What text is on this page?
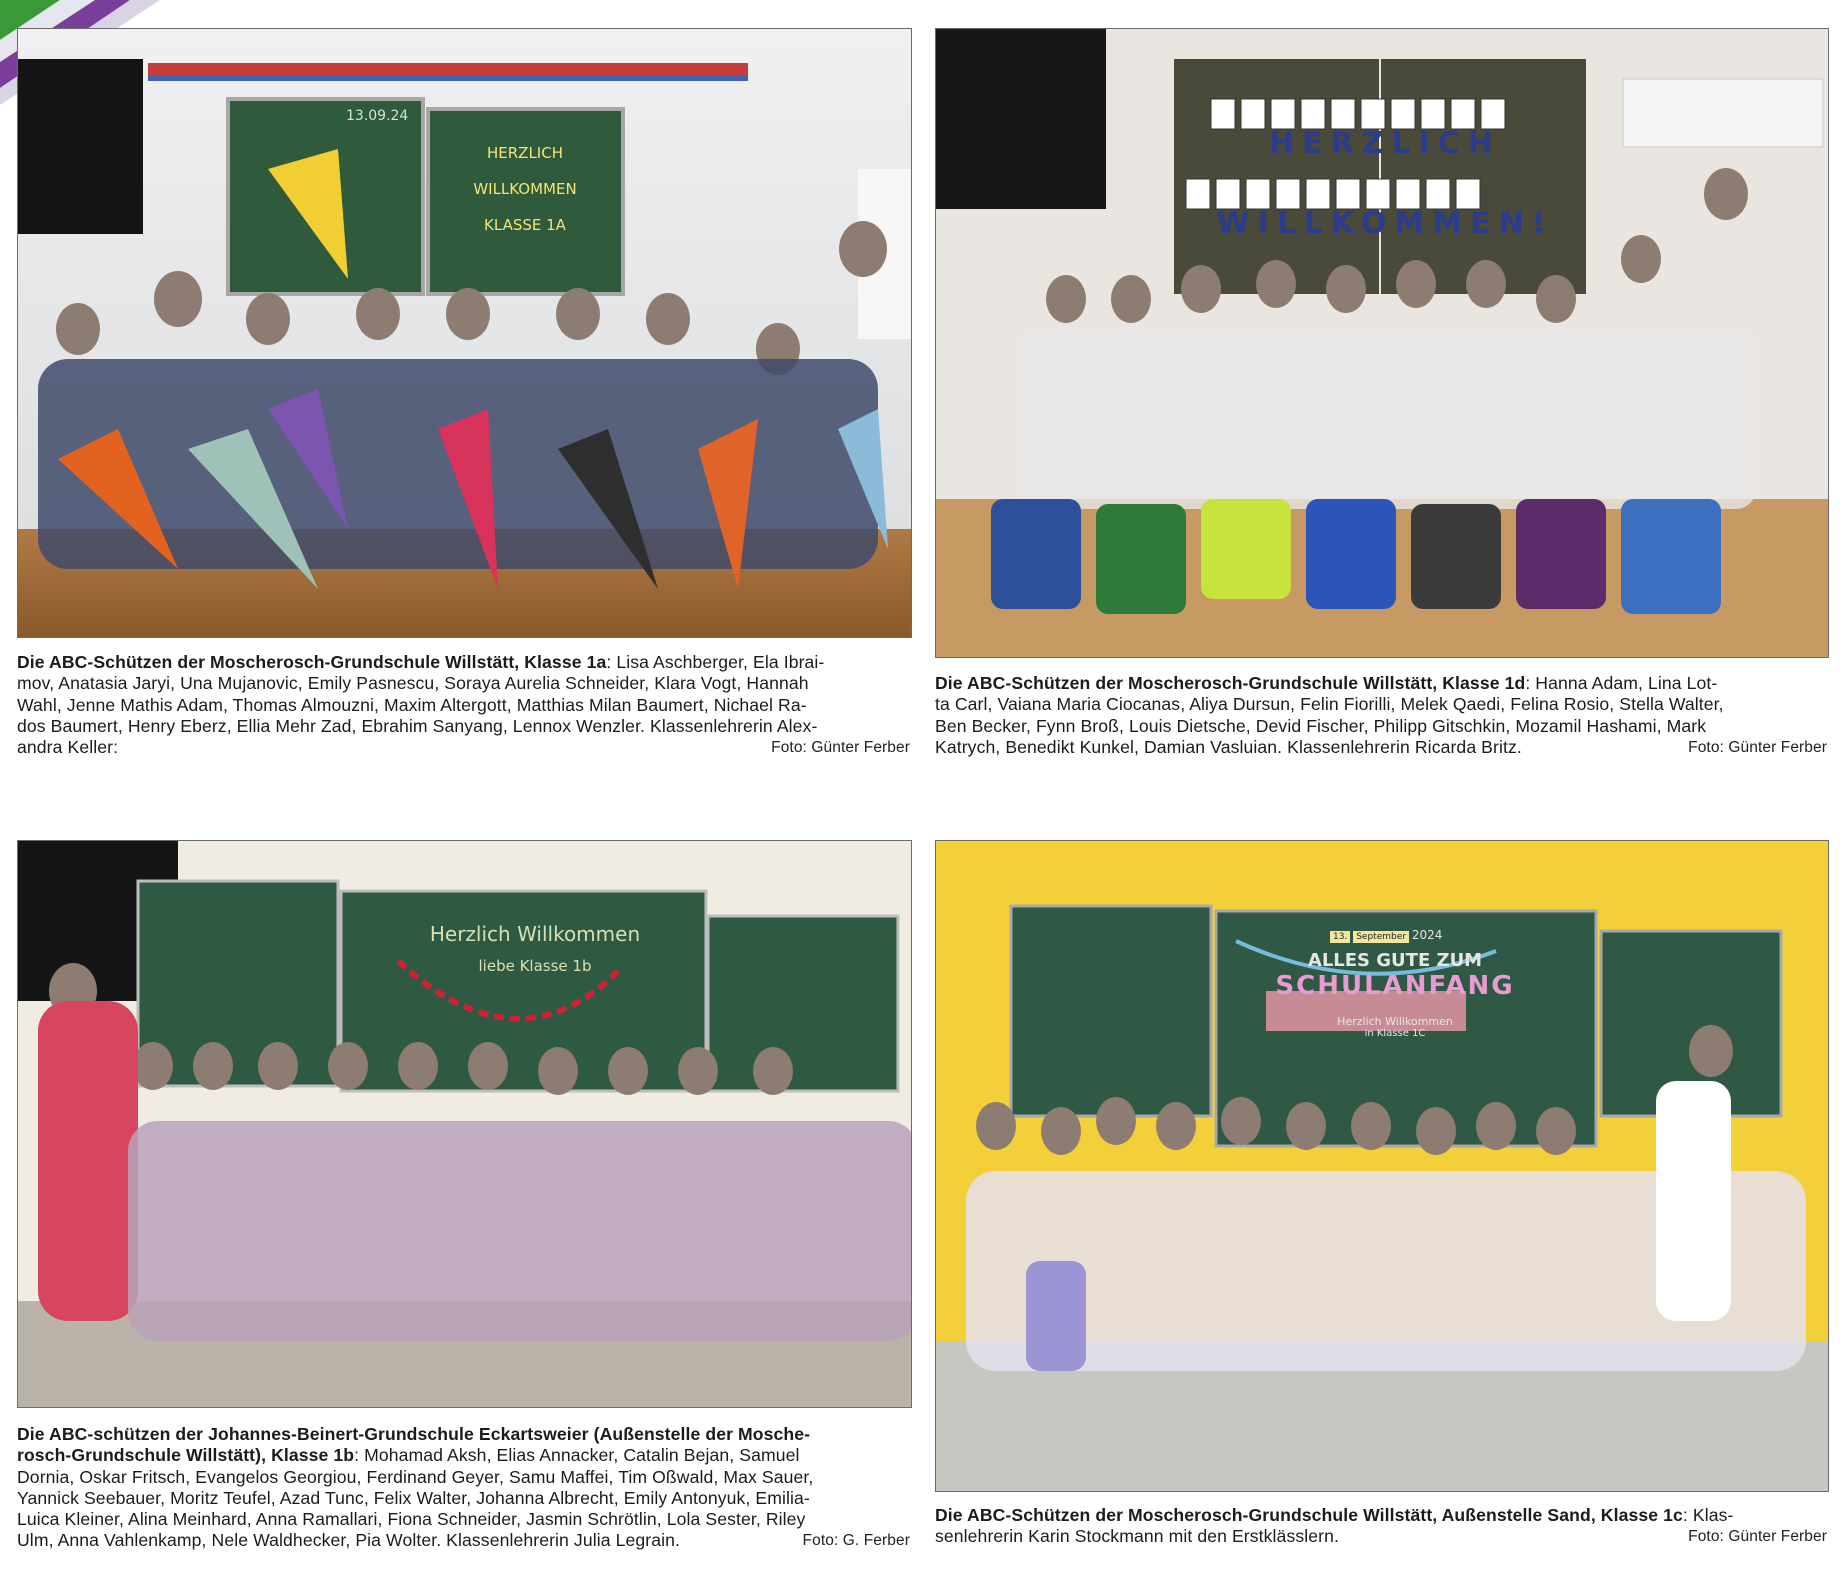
Die ABC-Schützen der Moscherosch-Grundschule Willstätt, Klasse 1a: Lisa Aschberger, Ela Ibrai-
mov, Anatasia Jaryi, Una Mujanovic, Emily Pasnescu, Soraya Aurelia Schneider, Klara Vogt, Hannah
Wahl, Jenne Mathis Adam, Thomas Almouzni, Maxim Altergott, Matthias Milan Baumert, Nichael Ra-
dos Baumert, Henry Eberz, Ellia Mehr Zad, Ebrahim Sanyang, Lennox Wenzler. Klassenlehrerin Alex-
andra Keller:	Foto: Günter Ferber
Die ABC-Schützen der Moscherosch-Grundschule Willstätt, Klasse 1d: Hanna Adam, Lina Lot-
ta Carl, Vaiana Maria Ciocanas, Aliya Dursun, Felin Fiorilli, Melek Qaedi, Felina Rosio, Stella Walter,
Ben Becker, Fynn Broß, Louis Dietsche, Devid Fischer, Philipp Gitschkin, Mozamil Hashami, Mark
Katrych, Benedikt Kunkel, Damian Vasluian. Klassenlehrerin Ricarda Britz.	Foto: Günter Ferber
Die ABC-schützen der Johannes-Beinert-Grundschule Eckartsweier (Außenstelle der Mosche-
rosch-Grundschule Willstätt), Klasse 1b: Mohamad Aksh, Elias Annacker, Catalin Bejan, Samuel
Dornia, Oskar Fritsch, Evangelos Georgiou, Ferdinand Geyer, Samu Maffei, Tim Oßwald, Max Sauer,
Yannick Seebauer, Moritz Teufel, Azad Tunc, Felix Walter, Johanna Albrecht, Emily Antonyuk, Emilia-
Luica Kleiner, Alina Meinhard, Anna Ramallari, Fiona Schneider, Jasmin Schrötlin, Lola Sester, Riley
Ulm, Anna Vahlenkamp, Nele Waldhecker, Pia Wolter. Klassenlehrerin Julia Legrain.	Foto: G. Ferber
Die ABC-Schützen der Moscherosch-Grundschule Willstätt, Außenstelle Sand, Klasse 1c: Klas-
senlehrerin Karin Stockmann mit den Erstklässlern.	Foto: Günter Ferber
HERZLICH
WILLKOMMEN
KLASSE 1A
13.09.24
HERZLICH
WILLKOMMEN!
Herzlich Willkommen
liebe Klasse 1b	ALLES GUTE ZUM
SCHULANFANG
Herzlich Willkommen
in Klasse 1C
13. September 2024
